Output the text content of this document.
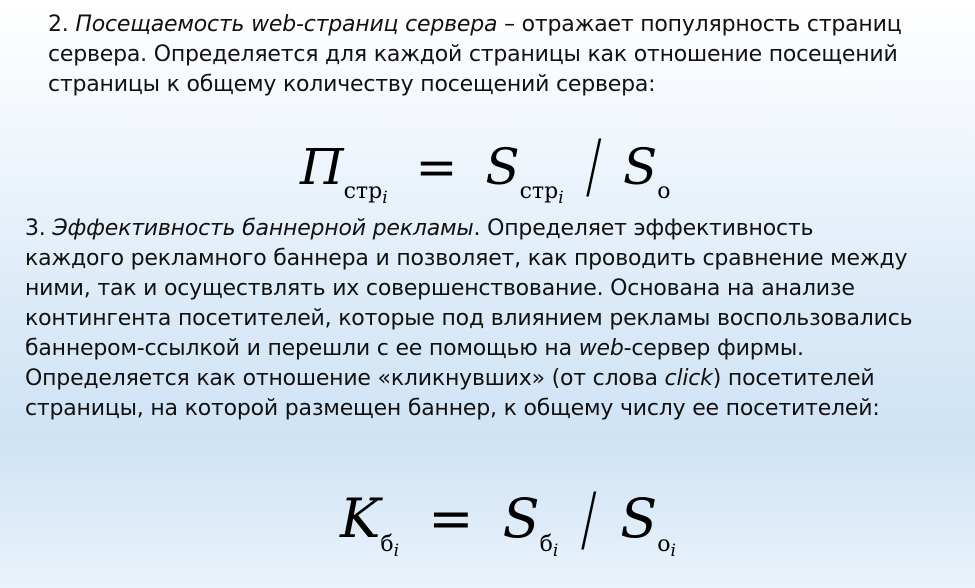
2. Посещаемость web-страниц сервера – отражает популярность страниц
сервера. Определяется для каждой страницы как отношение посещений
страницы к общему количеству посещений сервера:

$П_{стр_i} = S_{стр_i} / S_о$

3. Эффективность баннерной рекламы. Определяет эффективность
каждого рекламного баннера и позволяет, как проводить сравнение между
ними, так и осуществлять их совершенствование. Основана на анализе
контингента посетителей, которые под влиянием рекламы воспользовались
баннером-ссылкой и перешли с ее помощью на web-сервер фирмы.
Определяется как отношение «кликнувших» (от слова click) посетителей
страницы, на которой размещен баннер, к общему числу ее посетителей:

$K_{б_i} = S_{б_i} / S_{о_i}$
